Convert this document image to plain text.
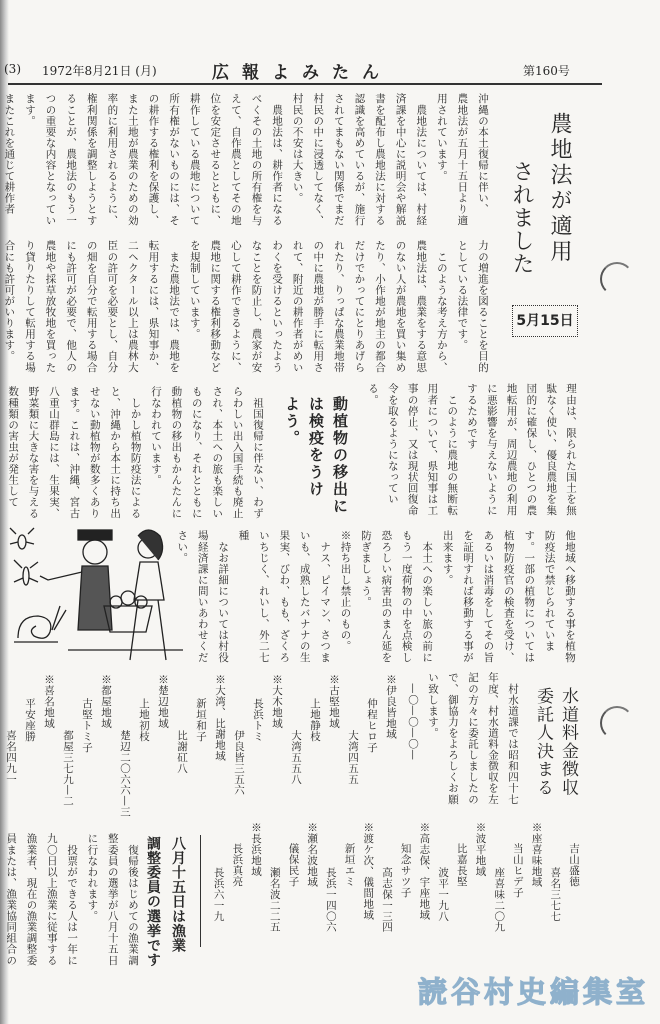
(3) 1972年8月21日 (月)	広報よみたん	第160号
農地法が適用
されました
5月15日
沖縄の本土復帰に伴い、
農地法が五月十五日より適
用されています。
　農地法については、村経
済課を中心に説明会や解説
書を配布し農地法に対する
認識を高めているが、施行
されてまもない関係でまだ
村民の中に浸透してなく、
村民の不安は大きい。
　農地法は、耕作者になる
べくその土地の所有権を与
えて、自作農としてその地
位を安定させるとともに、
耕作している農地について
所有権がないものには、そ
の耕作する権利を保護し、
また土地が農業のための効
率的に利用されるように、
権利関係を調整しようとす
ることが、農地法のもう一
つの重要な内容となってい
ます。
またこれを通じて耕作者
力の増進を図ることを目的
としている法律です。
　このような考え方から、
農地法は、農業をする意思
のない人が農地を買い集め
たり、小作地が地主の都合
だけでかってにとりあげら
れたり、りっぱな農業地帯
の中に農地が勝手に転用さ
れて、附近の耕作者がめい
わくを受けるといったよう
なことを防止し、農家が安
心して耕作できるように、
農地に関する権利移動など
を規制しています。
　また農地法では、農地を
転用するには、県知事か、
二ヘクタール以上は農林大
臣の許可を必要とし、自分
の畑を自分で転用する場合
にも許可が必要で、他人の
農地や採草放牧地を買った
り貸りたりして転用する場
合にも許可がいります。
理由は、限られた国土を無
駄なく使い、優良農地を集
団的に確保し、ひとつの農
地転用が、周辺農地の利用
に悪影響を与えないように
するためです
　このように農地の無断転
用者について、県知事は工
事の停止、又は現状回復命
令を取るようになってい
る。
動植物の移出に
は検疫をうけ
よう。
　祖国復帰に伴ない、わず
らわしい出入国手続も廃止
され、本土への旅も楽しい
ものになり、それとともに
動植物の移出もかんたんに
行なわれています。
　しかし植物防疫法による
と、沖縄から本土に持ち出
せない動植物が数多くあり
ます。これは、沖縄、宮古
八重山群島には、生果実、
野菜類に大きな害を与える
数種類の害虫が発生して
他地域へ移動する事を植物
防疫法で禁じられていま
す。一部の植物については
植物防疫官の検査を受け、
あるいは消毒をしてその旨
を証明すれば移動する事が
出来ます。
　本土への楽しい旅の前に
もう一度荷物の中を点検し
恐ろしい病害虫のまん延を
防ぎましょう。
※持ち出し禁止のもの。
　ナス、ピイマン、さつま
いも、成熟したバナナの生
果実、びわ、もも、ざくろ
いちじく、れいし、外二七
種
　なお詳細については村役
場経済課に問いあわせくだ
さい。
水道料金徴収
委託人決まる
　村水道課では昭和四十七
年度、村水道料金徴収を左
記の方々に委託しましたの
で、御協力をよろしくお願
い致します。
　—〇—〇—〇—
※伊良皆地域
仲程ヒロ子
大湾四五五
※古堅地域
上地静枝
大湾五五八
※大木地域
長浜トミ
伊良皆三五六
※大湾、比謝地域
新垣和子
比謝矼八
※楚辺地域
上地初枝
楚辺二〇六六—三
※都屋地域
古堅トミ子
都屋三七九—二
※喜名地域
平安座勝
喜名四九一
吉山盛徳
喜名三七七
※座喜味地域
当山ヒデ子
座喜味二〇九
※波平地域
比嘉長堅
波平一九八
※高志保、宇座地域
知念サツ子
高志保一三四
※渡ケ次、儀間地域
新垣エミ
長浜一四〇六
※瀬名波地域
儀保民子
瀬名波二二五
※長浜地域
長浜真亮
長浜六一九
八月十五日は漁業
調整委員の選挙です
　復帰後はじめての漁業調
整委員の選挙が八月十五日
に行なわれます。
　投票ができる人は一年に
九〇日以上漁業に従事する
漁業者、現在の漁業調整委
員または、漁業協同組合の
読谷村史編集室
